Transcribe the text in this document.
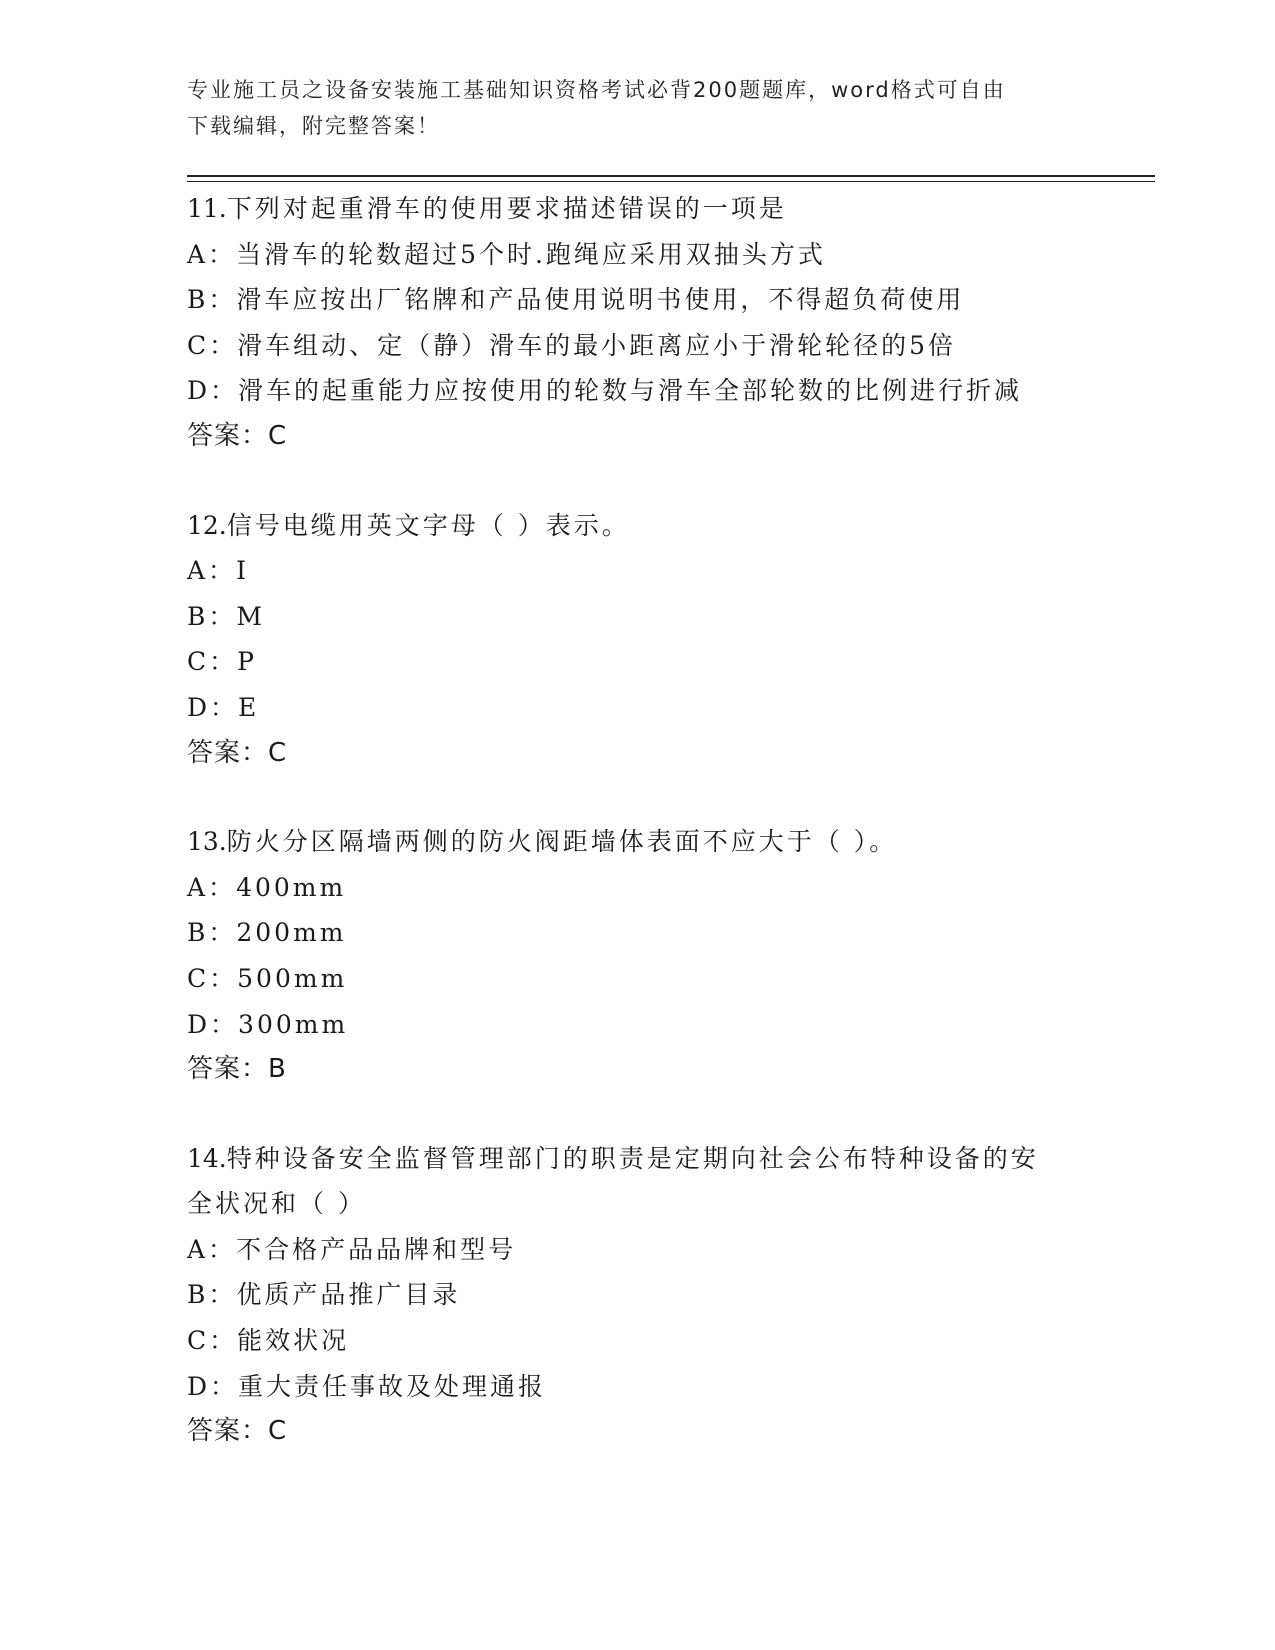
专业施工员之设备安装施工基础知识资格考试必背200题题库，word格式可自由
下载编辑，附完整答案！
11.下列对起重滑车的使用要求描述错误的一项是
A：当滑车的轮数超过5个时.跑绳应采用双抽头方式
B：滑车应按出厂铭牌和产品使用说明书使用，不得超负荷使用
C：滑车组动、定（静）滑车的最小距离应小于滑轮轮径的5倍
D：滑车的起重能力应按使用的轮数与滑车全部轮数的比例进行折减
答案：C
12.信号电缆用英文字母（ ）表示。
A：I
B：M
C：P
D：E
答案：C
13.防火分区隔墙两侧的防火阀距墙体表面不应大于（ ）。
A：400mm
B：200mm
C：500mm
D：300mm
答案：B
14.特种设备安全监督管理部门的职责是定期向社会公布特种设备的安
全状况和（ ）
A：不合格产品品牌和型号
B：优质产品推广目录
C：能效状况
D：重大责任事故及处理通报
答案：C
